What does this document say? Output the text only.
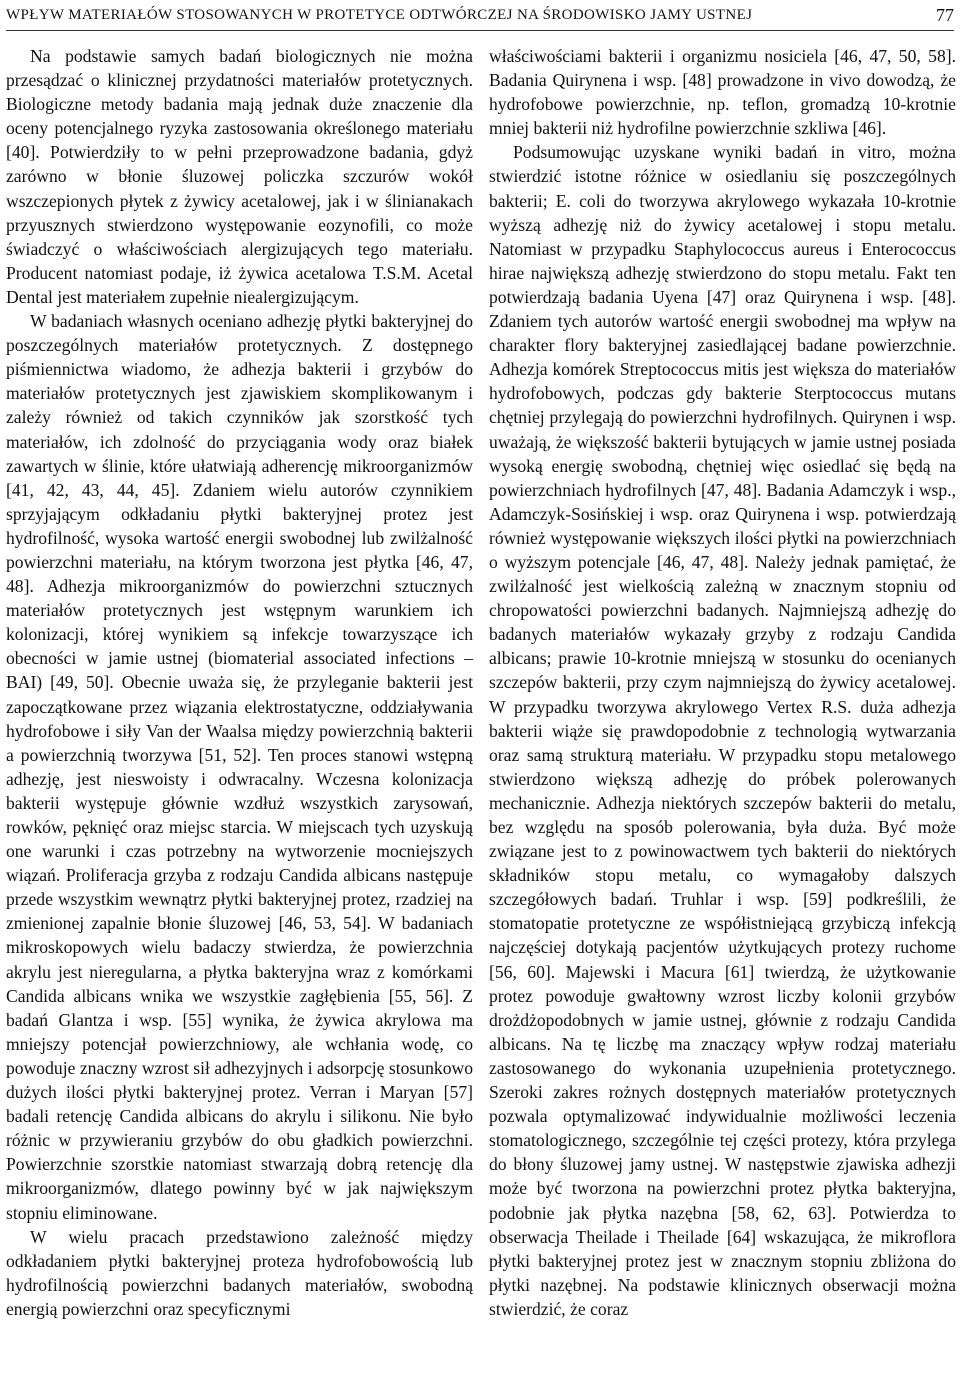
WPŁYW MATERIAŁÓW STOSOWANYCH W PROTETYCE ODTWÓRCZEJ NA ŚRODOWISKO JAMY USTNEJ	77

Na podstawie samych badań biologicznych nie można przesądzać o klinicznej przydatności materiałów protetycznych. Biologiczne metody badania mają jednak duże znaczenie dla oceny potencjalnego ryzyka zastosowania określonego materiału [40]. Potwierdziły to w pełni przeprowadzone badania, gdyż zarówno w błonie śluzowej policzka szczurów wokół wszczepionych płytek z żywicy acetalowej, jak i w ślinianakach przyusznych stwierdzono występowanie eozynofili, co może świadczyć o właściwościach alergizujących tego materiału. Producent natomiast podaje, iż żywica acetalowa T.S.M. Acetal Dental jest materiałem zupełnie niealergizującym.

W badaniach własnych oceniano adhezję płytki bakteryjnej do poszczególnych materiałów protetycznych. Z dostępnego piśmiennictwa wiadomo, że adhezja bakterii i grzybów do materiałów protetycznych jest zjawiskiem skomplikowanym i zależy również od takich czynników jak szorstkość tych materiałów, ich zdolność do przyciągania wody oraz białek zawartych w ślinie, które ułatwiają adherencję mikroorganizmów [41, 42, 43, 44, 45]. Zdaniem wielu autorów czynnikiem sprzyjającym odkładaniu płytki bakteryjnej protez jest hydrofilność, wysoka wartość energii swobodnej lub zwilżalność powierzchni materiału, na którym tworzona jest płytka [46, 47, 48]. Adhezja mikroorganizmów do powierzchni sztucznych materiałów protetycznych jest wstępnym warunkiem ich kolonizacji, której wynikiem są infekcje towarzyszące ich obecności w jamie ustnej (biomaterial associated infections – BAI) [49, 50]. Obecnie uważa się, że przyleganie bakterii jest zapoczątkowane przez wiązania elektrostatyczne, oddziaływania hydrofobowe i siły Van der Waalsa między powierzchnią bakterii a powierzchnią tworzywa [51, 52]. Ten proces stanowi wstępną adhezję, jest nieswoisty i odwracalny. Wczesna kolonizacja bakterii występuje głównie wzdłuż wszystkich zarysowań, rowków, pęknięć oraz miejsc starcia. W miejscach tych uzyskują one warunki i czas potrzebny na wytworzenie mocniejszych wiązań. Proliferacja grzyba z rodzaju Candida albicans następuje przede wszystkim wewnątrz płytki bakteryjnej protez, rzadziej na zmienionej zapalnie błonie śluzowej [46, 53, 54]. W badaniach mikroskopowych wielu badaczy stwierdza, że powierzchnia akrylu jest nieregularna, a płytka bakteryjna wraz z komórkami Candida albicans wnika we wszystkie zagłębienia [55, 56]. Z badań Glantza i wsp. [55] wynika, że żywica akrylowa ma mniejszy potencjał powierzchniowy, ale wchłania wodę, co powoduje znaczny wzrost sił adhezyjnych i adsorpcję stosunkowo dużych ilości płytki bakteryjnej protez. Verran i Maryan [57] badali retencję Candida albicans do akrylu i silikonu. Nie było różnic w przywieraniu grzybów do obu gładkich powierzchni. Powierzchnie szorstkie natomiast stwarzają dobrą retencję dla mikroorganizmów, dlatego powinny być w jak największym stopniu eliminowane.

W wielu pracach przedstawiono zależność między odkładaniem płytki bakteryjnej proteza hydrofobowością lub hydrofilnością powierzchni badanych materiałów, swobodną energią powierzchni oraz specyficznymi

właściwościami bakterii i organizmu nosiciela [46, 47, 50, 58]. Badania Quirynena i wsp. [48] prowadzone in vivo dowodzą, że hydrofobowe powierzchnie, np. teflon, gromadzą 10-krotnie mniej bakterii niż hydrofilne powierzchnie szkliwa [46].

Podsumowując uzyskane wyniki badań in vitro, można stwierdzić istotne różnice w osiedlaniu się poszczególnych bakterii; E. coli do tworzywa akrylowego wykazała 10-krotnie wyższą adhezję niż do żywicy acetalowej i stopu metalu. Natomiast w przypadku Staphylococcus aureus i Enterococcus hirae największą adhezję stwierdzono do stopu metalu. Fakt ten potwierdzają badania Uyena [47] oraz Quirynena i wsp. [48]. Zdaniem tych autorów wartość energii swobodnej ma wpływ na charakter flory bakteryjnej zasiedlającej badane powierzchnie. Adhezja komórek Streptococcus mitis jest większa do materiałów hydrofobowych, podczas gdy bakterie Sterptococcus mutans chętniej przylegają do powierzchni hydrofilnych. Quirynen i wsp. uważają, że większość bakterii bytujących w jamie ustnej posiada wysoką energię swobodną, chętniej więc osiedlać się będą na powierzchniach hydrofilnych [47, 48]. Badania Adamczyk i wsp., Adamczyk-Sosińskiej i wsp. oraz Quirynena i wsp. potwierdzają również występowanie większych ilości płytki na powierzchniach o wyższym potencjale [46, 47, 48]. Należy jednak pamiętać, że zwilżalność jest wielkością zależną w znacznym stopniu od chropowatości powierzchni badanych. Najmniejszą adhezję do badanych materiałów wykazały grzyby z rodzaju Candida albicans; prawie 10-krotnie mniejszą w stosunku do ocenianych szczepów bakterii, przy czym najmniejszą do żywicy acetalowej. W przypadku tworzywa akrylowego Vertex R.S. duża adhezja bakterii wiąże się prawdopodobnie z technologią wytwarzania oraz samą strukturą materiału. W przypadku stopu metalowego stwierdzono większą adhezję do próbek polerowanych mechanicznie. Adhezja niektórych szczepów bakterii do metalu, bez względu na sposób polerowania, była duża. Być może związane jest to z powinowactwem tych bakterii do niektórych składników stopu metalu, co wymagałoby dalszych szczegółowych badań. Truhlar i wsp. [59] podkreślili, że stomatopatie protetyczne ze współistniejącą grzybiczą infekcją najczęściej dotykają pacjentów użytkujących protezy ruchome [56, 60]. Majewski i Macura [61] twierdzą, że użytkowanie protez powoduje gwałtowny wzrost liczby kolonii grzybów drożdżopodobnych w jamie ustnej, głównie z rodzaju Candida albicans. Na tę liczbę ma znaczący wpływ rodzaj materiału zastosowanego do wykonania uzupełnienia protetycznego. Szeroki zakres rożnych dostępnych materiałów protetycznych pozwala optymalizować indywidualnie możliwości leczenia stomatologicznego, szczególnie tej części protezy, która przylega do błony śluzowej jamy ustnej. W następstwie zjawiska adhezji może być tworzona na powierzchni protez płytka bakteryjna, podobnie jak płytka nazębna [58, 62, 63]. Potwierdza to obserwacja Theilade i Theilade [64] wskazująca, że mikroflora płytki bakteryjnej protez jest w znacznym stopniu zbliżona do płytki nazębnej. Na podstawie klinicznych obserwacji można stwierdzić, że coraz
